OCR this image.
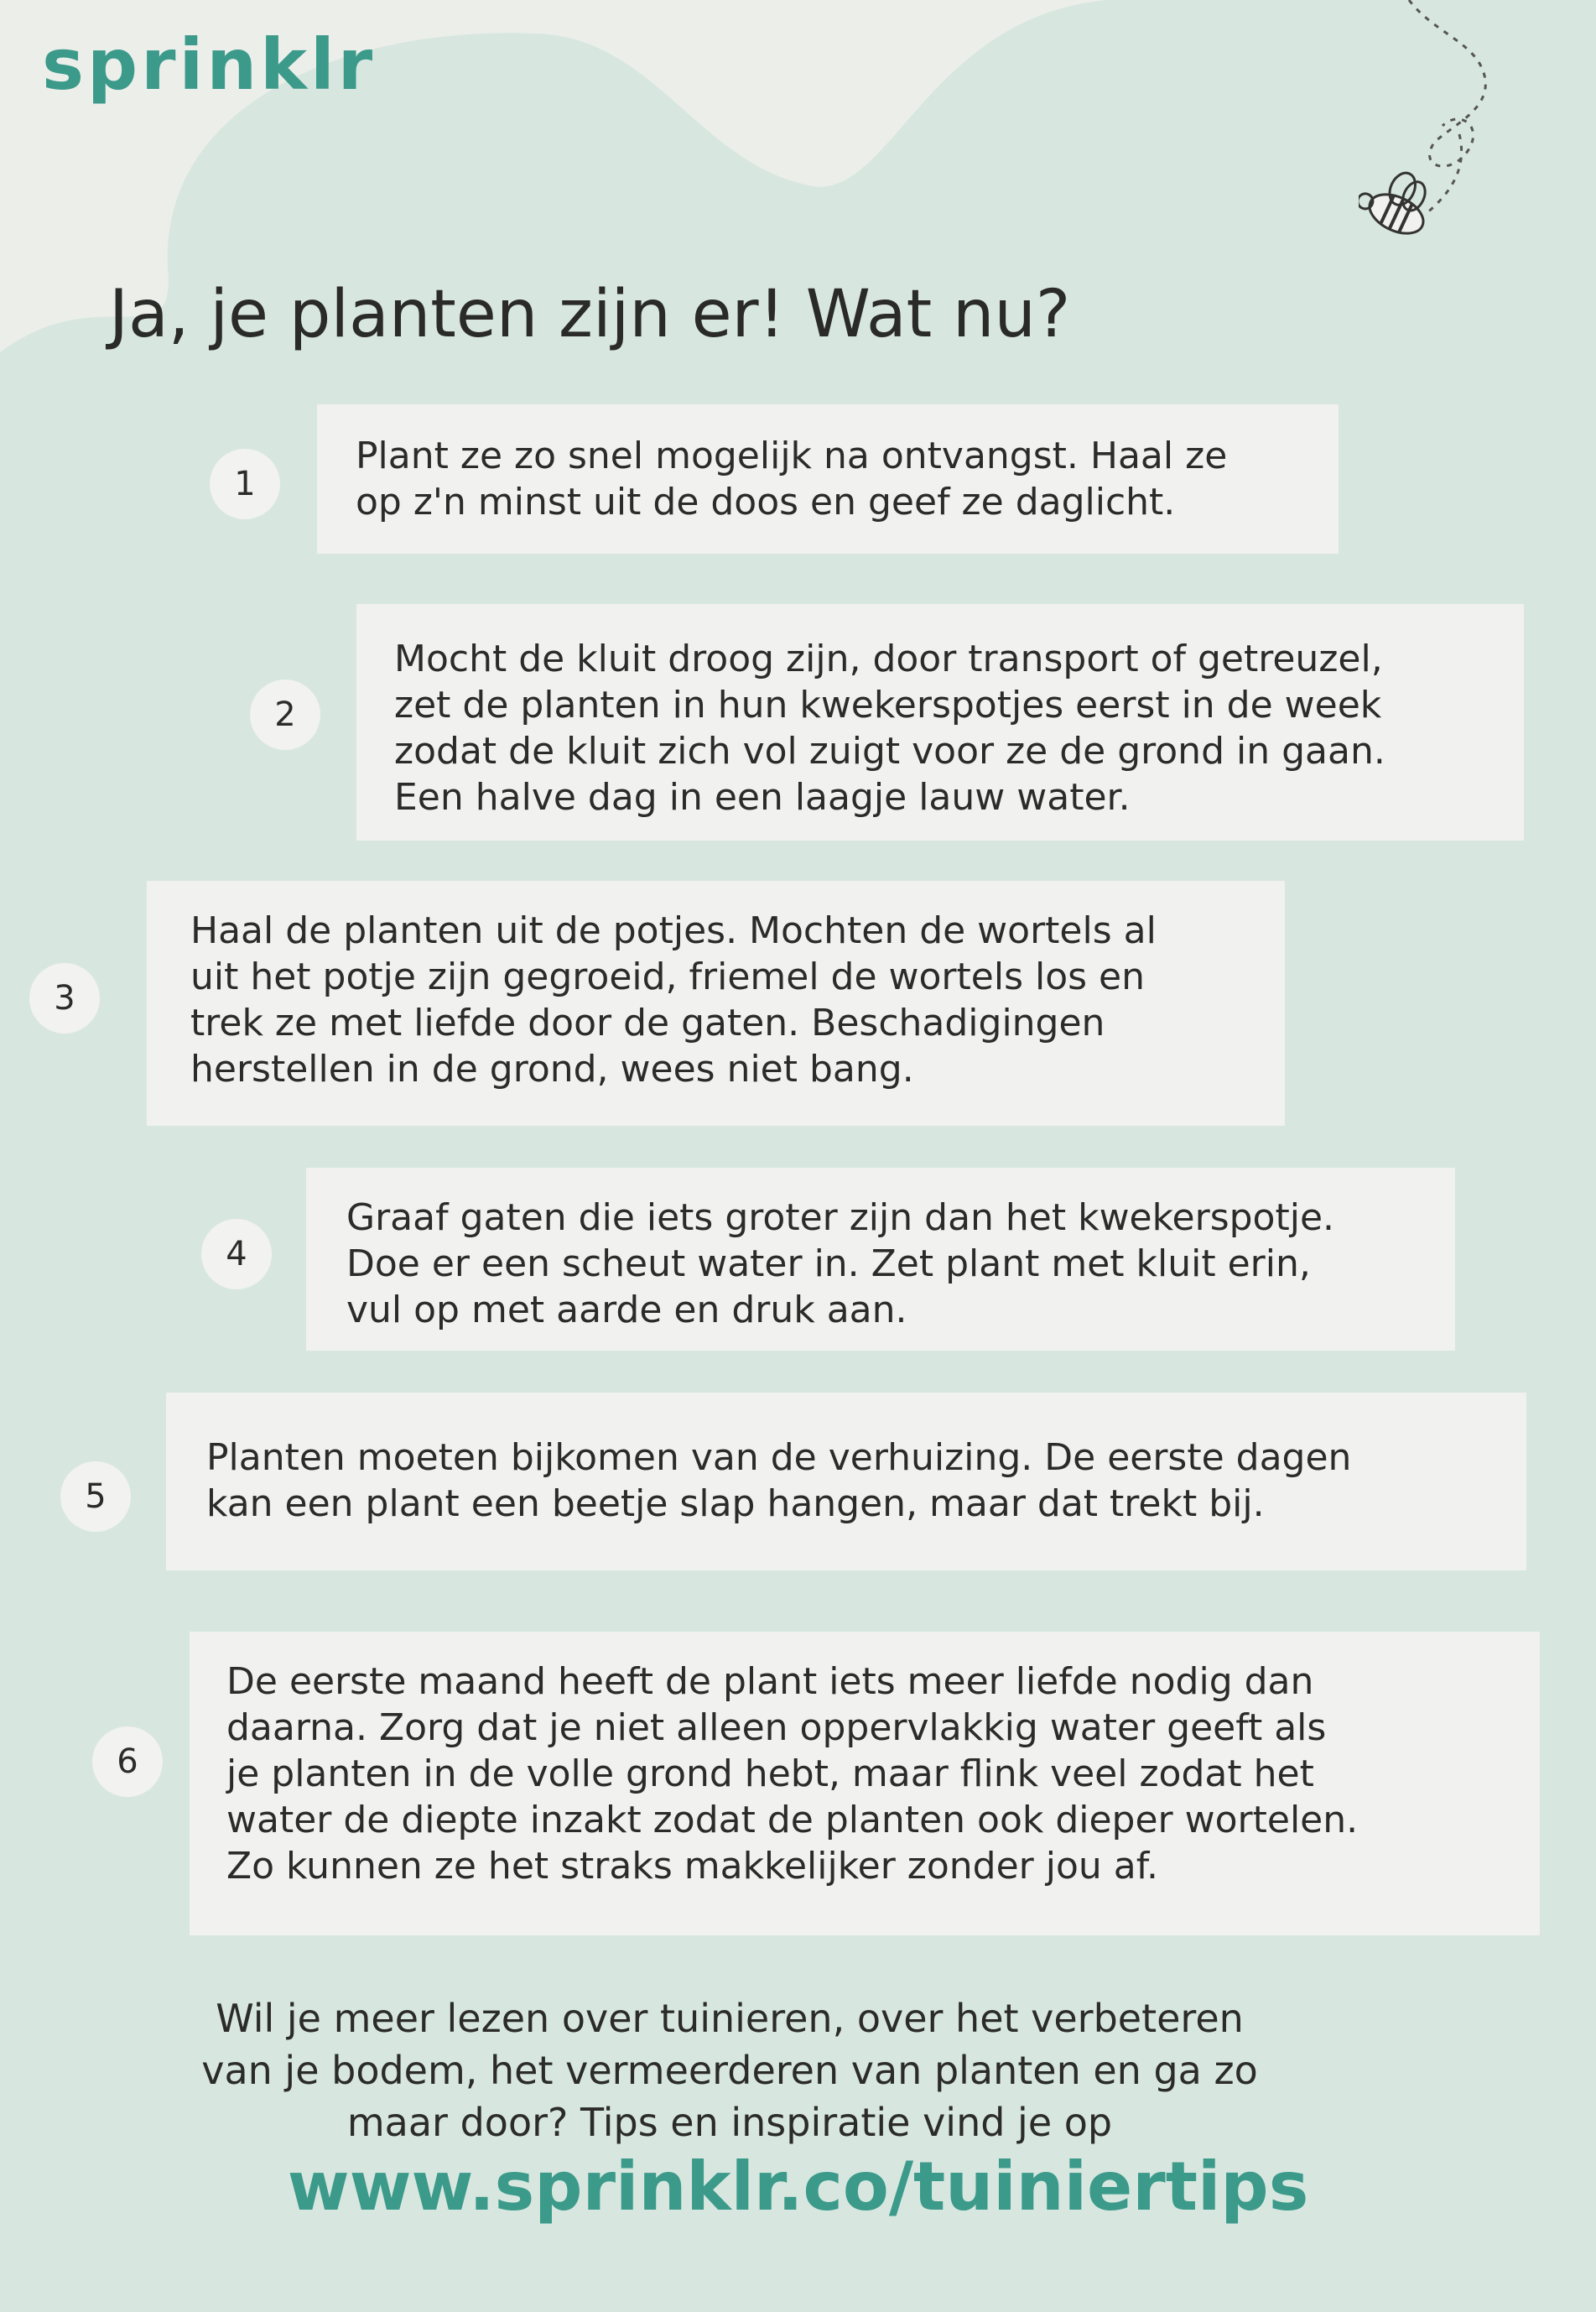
sprinklr
Ja, je planten zijn er! Wat nu?
1
Plant ze zo snel mogelijk na ontvangst. Haal ze
op z'n minst uit de doos en geef ze daglicht.
2
Mocht de kluit droog zijn, door transport of getreuzel,
zet de planten in hun kwekerspotjes eerst in de week
zodat de kluit zich vol zuigt voor ze de grond in gaan.
Een halve dag in een laagje lauw water.
3
Haal de planten uit de potjes. Mochten de wortels al
uit het potje zijn gegroeid, friemel de wortels los en
trek ze met liefde door de gaten. Beschadigingen
herstellen in de grond, wees niet bang.
4
Graaf gaten die iets groter zijn dan het kwekerspotje.
Doe er een scheut water in. Zet plant met kluit erin,
vul op met aarde en druk aan.
5
Planten moeten bijkomen van de verhuizing. De eerste dagen
kan een plant een beetje slap hangen, maar dat trekt bij.
6
De eerste maand heeft de plant iets meer liefde nodig dan
daarna. Zorg dat je niet alleen oppervlakkig water geeft als
je planten in de volle grond hebt, maar flink veel zodat het
water de diepte inzakt zodat de planten ook dieper wortelen.
Zo kunnen ze het straks makkelijker zonder jou af.
Wil je meer lezen over tuinieren, over het verbeteren
van je bodem, het vermeerderen van planten en ga zo
maar door? Tips en inspiratie vind je op
www.sprinklr.co/tuiniertips
